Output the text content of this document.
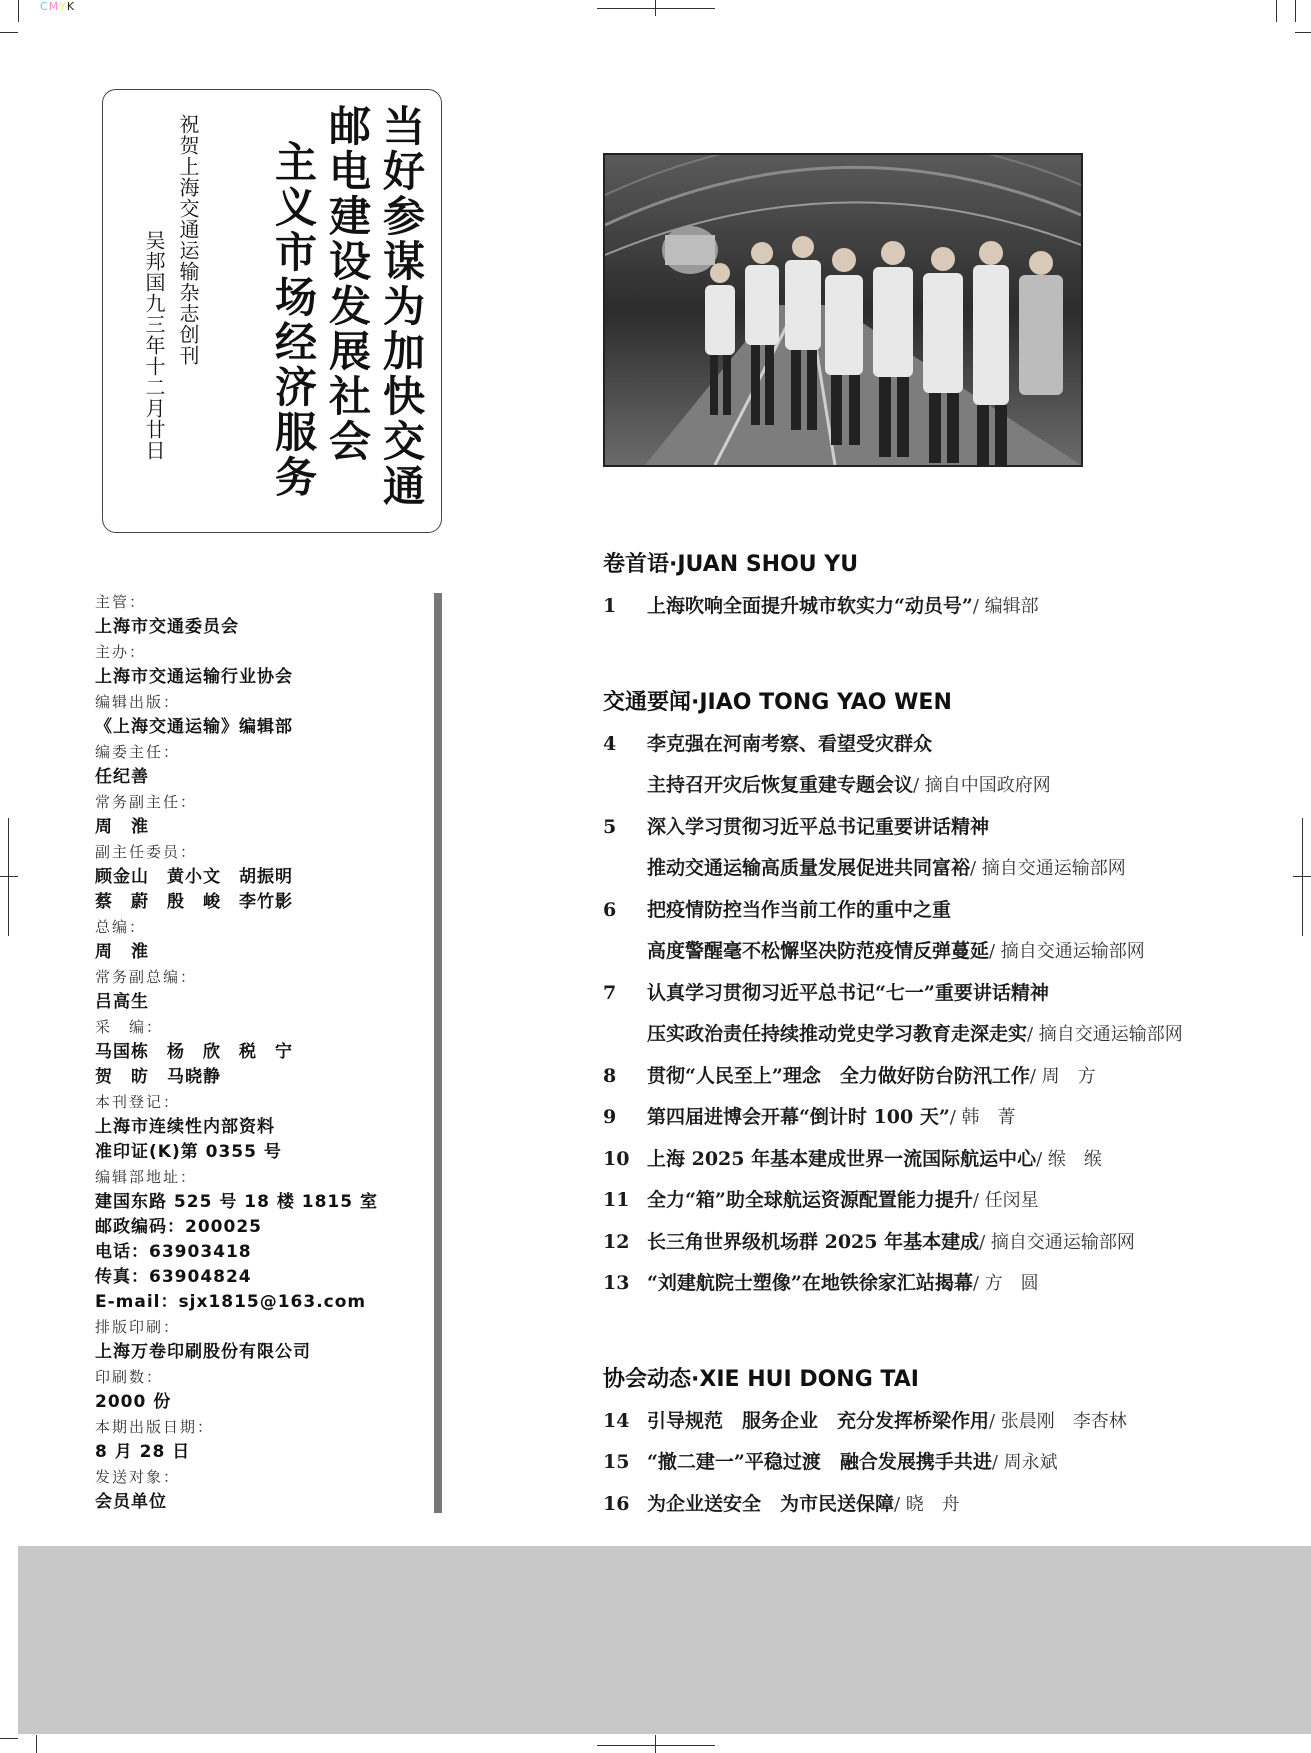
CMYK
当好参谋为加快交通
邮电建设发展社会
主义市场经济服务
祝贺上海交通运输杂志创刊
吴邦国九三年十二月廿日
主管：
上海市交通委员会
主办：
上海市交通运输行业协会
编辑出版：
《上海交通运输》编辑部
编委主任：
任纪善
常务副主任：
周　淮
副主任委员：
顾金山　黄小文　胡振明
蔡　蔚　殷　峻　李竹影
总编：
周　淮
常务副总编：
吕高生
采　编：
马国栋　杨　欣　税　宁
贺　昉　马晓静
本刊登记：
上海市连续性内部资料
准印证(K)第 0355 号
编辑部地址：
建国东路 525 号 18 楼 1815 室
邮政编码：200025
电话：63903418
传真：63904824
E-mail：sjx1815@163.com
排版印刷：
上海万卷印刷股份有限公司
印刷数：
2000 份
本期出版日期：
8 月 28 日
发送对象：
会员单位
卷首语·JUAN SHOU YU
1	上海吹响全面提升城市软实力“动员号”/ 编辑部
交通要闻·JIAO TONG YAO WEN
4	李克强在河南考察、看望受灾群众
主持召开灾后恢复重建专题会议/ 摘自中国政府网
5	深入学习贯彻习近平总书记重要讲话精神
推动交通运输高质量发展促进共同富裕/ 摘自交通运输部网
6	把疫情防控当作当前工作的重中之重
高度警醒毫不松懈坚决防范疫情反弹蔓延/ 摘自交通运输部网
7	认真学习贯彻习近平总书记“七一”重要讲话精神
压实政治责任持续推动党史学习教育走深走实/ 摘自交通运输部网
8	贯彻“人民至上”理念　全力做好防台防汛工作/ 周　方
9	第四届进博会开幕“倒计时 100 天”/ 韩　菁
10 上海 2025 年基本建成世界一流国际航运中心/ 缑　缑
11 全力“箱”助全球航运资源配置能力提升/ 任闵星
12 长三角世界级机场群 2025 年基本建成/ 摘自交通运输部网
13 “刘建航院士塑像”在地铁徐家汇站揭幕/ 方　圆
协会动态·XIE HUI DONG TAI
14 引导规范　服务企业　充分发挥桥梁作用/ 张晨刚　李杏林
15 “撤二建一”平稳过渡　融合发展携手共进/ 周永斌
16 为企业送安全　为市民送保障/ 晓　舟
